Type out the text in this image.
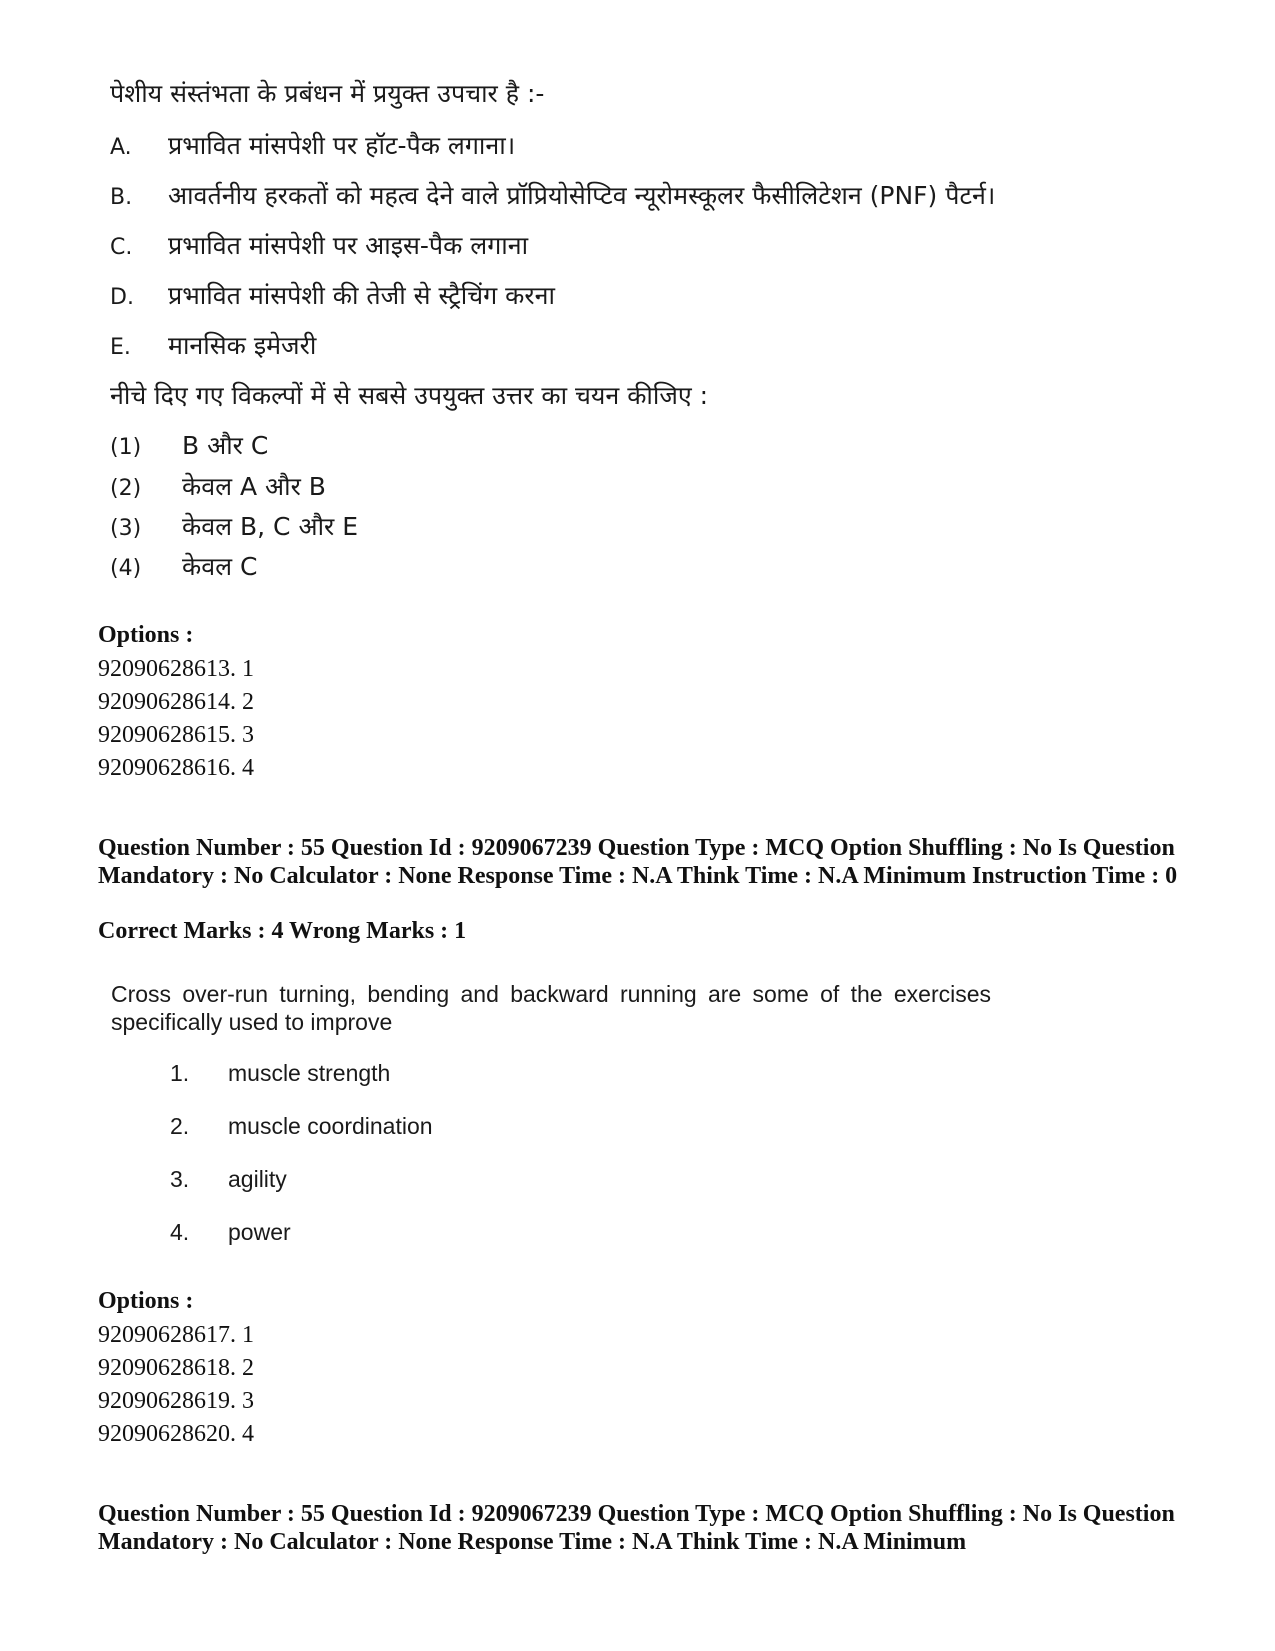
पेशीय संस्तंभता के प्रबंधन में प्रयुक्त उपचार है :-
A. प्रभावित मांसपेशी पर हॉट-पैक लगाना।
B. आवर्तनीय हरकतों को महत्व देने वाले प्रॉप्रियोसेप्टिव न्यूरोमस्कूलर फैसीलिटेशन (PNF) पैटर्न।
C. प्रभावित मांसपेशी पर आइस-पैक लगाना
D. प्रभावित मांसपेशी की तेजी से स्ट्रैचिंग करना
E. मानसिक इमेजरी
नीचे दिए गए विकल्पों में से सबसे उपयुक्त उत्तर का चयन कीजिए :
(1) B और C
(2) केवल A और B
(3) केवल B, C और E
(4) केवल C
Options :
92090628613. 1
92090628614. 2
92090628615. 3
92090628616. 4
Question Number : 55 Question Id : 9209067239 Question Type : MCQ Option Shuffling : No Is Question Mandatory : No Calculator : None Response Time : N.A Think Time : N.A Minimum Instruction Time : 0
Correct Marks : 4 Wrong Marks : 1
Cross over-run turning, bending and backward running are some of the exercises specifically used to improve
1. muscle strength
2. muscle coordination
3. agility
4. power
Options :
92090628617. 1
92090628618. 2
92090628619. 3
92090628620. 4
Question Number : 55 Question Id : 9209067239 Question Type : MCQ Option Shuffling : No Is Question Mandatory : No Calculator : None Response Time : N.A Think Time : N.A Minimum
